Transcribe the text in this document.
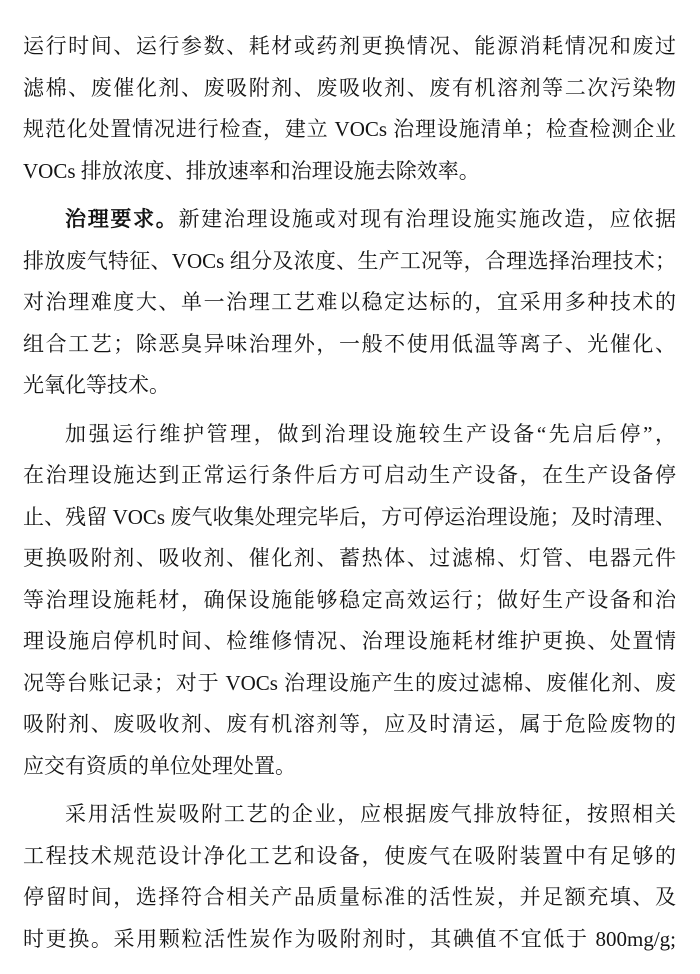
运行时间、运行参数、耗材或药剂更换情况、能源消耗情况和废过
滤棉、废催化剂、废吸附剂、废吸收剂、废有机溶剂等二次污染物
规范化处置情况进行检查，建立 VOCs 治理设施清单；检查检测企业
VOCs 排放浓度、排放速率和治理设施去除效率。
治理要求。新建治理设施或对现有治理设施实施改造，应依据
排放废气特征、VOCs 组分及浓度、生产工况等，合理选择治理技术；
对治理难度大、单一治理工艺难以稳定达标的，宜采用多种技术的
组合工艺；除恶臭异味治理外，一般不使用低温等离子、光催化、
光氧化等技术。
加强运行维护管理，做到治理设施较生产设备“先启后停”，
在治理设施达到正常运行条件后方可启动生产设备，在生产设备停
止、残留 VOCs 废气收集处理完毕后，方可停运治理设施；及时清理、
更换吸附剂、吸收剂、催化剂、蓄热体、过滤棉、灯管、电器元件
等治理设施耗材，确保设施能够稳定高效运行；做好生产设备和治
理设施启停机时间、检维修情况、治理设施耗材维护更换、处置情
况等台账记录；对于 VOCs 治理设施产生的废过滤棉、废催化剂、废
吸附剂、废吸收剂、废有机溶剂等，应及时清运，属于危险废物的
应交有资质的单位处理处置。
采用活性炭吸附工艺的企业，应根据废气排放特征，按照相关
工程技术规范设计净化工艺和设备，使废气在吸附装置中有足够的
停留时间，选择符合相关产品质量标准的活性炭，并足额充填、及
时更换。采用颗粒活性炭作为吸附剂时，其碘值不宜低于 800mg/g;
